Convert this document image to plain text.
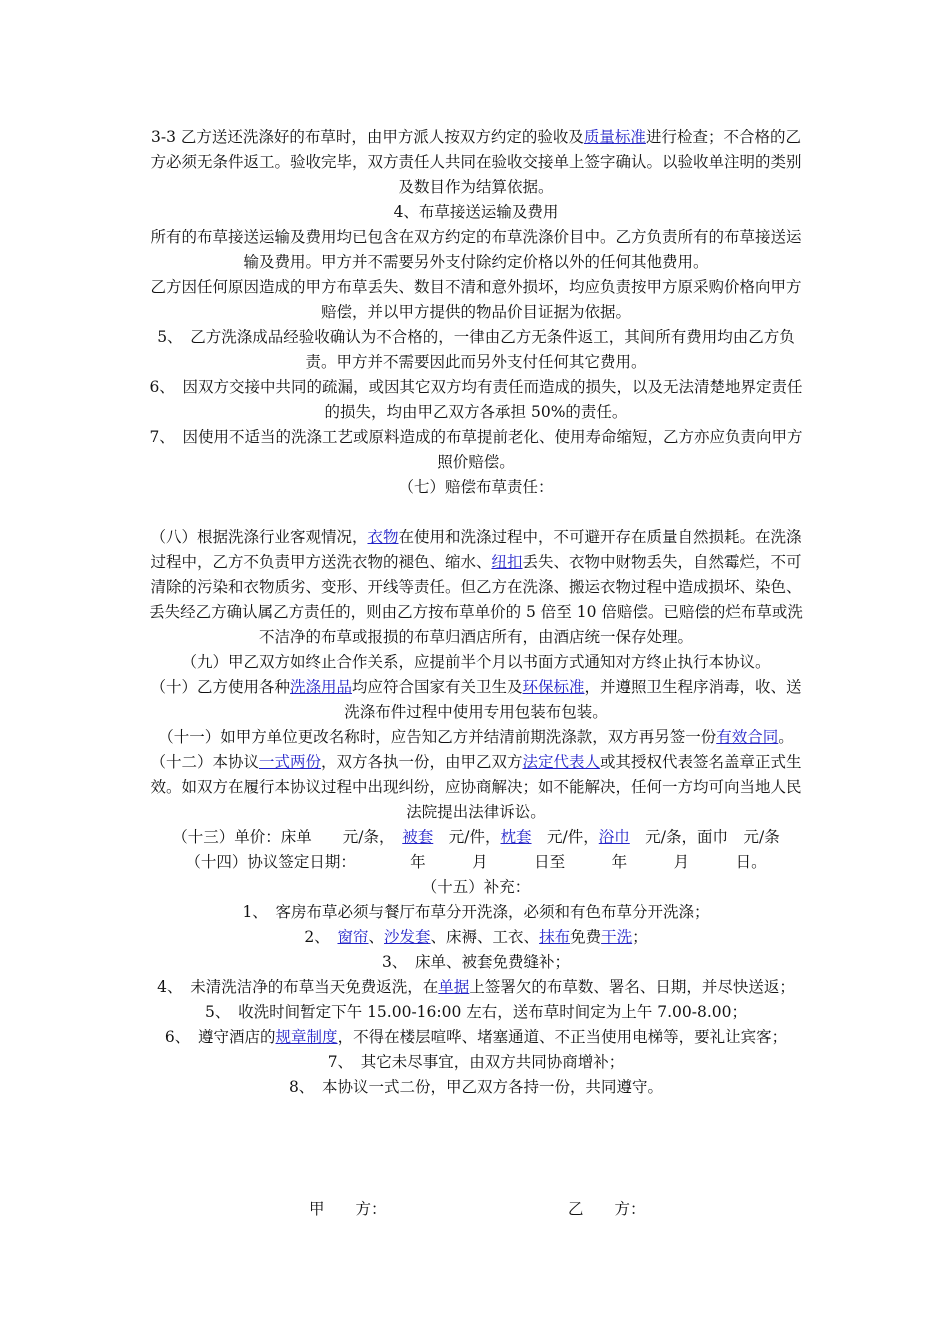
3-3 乙方送还洗涤好的布草时，由甲方派人按双方约定的验收及质量标准进行检查；不合格的乙方必须无条件返工。验收完毕，双方责任人共同在验收交接单上签字确认。以验收单注明的类别及数目作为结算依据。

4、布草接送运输及费用

所有的布草接送运输及费用均已包含在双方约定的布草洗涤价目中。乙方负责所有的布草接送运输及费用。甲方并不需要另外支付除约定价格以外的任何其他费用。

乙方因任何原因造成的甲方布草丢失、数目不清和意外损坏，均应负责按甲方原采购价格向甲方赔偿，并以甲方提供的物品价目证据为依据。

5、　乙方洗涤成品经验收确认为不合格的，一律由乙方无条件返工，其间所有费用均由乙方负责。甲方并不需要因此而另外支付任何其它费用。

6、　因双方交接中共同的疏漏，或因其它双方均有责任而造成的损失，以及无法清楚地界定责任的损失，均由甲乙双方各承担 50%的责任。

7、　因使用不适当的洗涤工艺或原料造成的布草提前老化、使用寿命缩短，乙方亦应负责向甲方照价赔偿。

（七）赔偿布草责任：

（八）根据洗涤行业客观情况，衣物在使用和洗涤过程中，不可避开存在质量自然损耗。在洗涤过程中，乙方不负责甲方送洗衣物的褪色、缩水、纽扣丢失、衣物中财物丢失，自然霉烂，不可清除的污染和衣物质劣、变形、开线等责任。但乙方在洗涤、搬运衣物过程中造成损坏、染色、丢失经乙方确认属乙方责任的，则由乙方按布草单价的 5 倍至 10 倍赔偿。已赔偿的烂布草或洗不洁净的布草或报损的布草归酒店所有，由酒店统一保存处理。

（九）甲乙双方如终止合作关系，应提前半个月以书面方式通知对方终止执行本协议。

（十）乙方使用各种洗涤用品均应符合国家有关卫生及环保标准，并遵照卫生程序消毒，收、送洗涤布件过程中使用专用包装布包装。

（十一）如甲方单位更改名称时，应告知乙方并结清前期洗涤款，双方再另签一份有效合同。

（十二）本协议一式两份，双方各执一份，由甲乙双方法定代表人或其授权代表签名盖章正式生效。如双方在履行本协议过程中出现纠纷，应协商解决；如不能解决，任何一方均可向当地人民法院提出法律诉讼。

（十三）单价：床单　　元/条，　被套　元/件，枕套　元/件，浴巾　元/条，面巾　元/条

（十四）协议签定日期：　　　　年　　　月　　　日至　　　年　　　月　　　日。

（十五）补充：

1、　客房布草必须与餐厅布草分开洗涤，必须和有色布草分开洗涤；

2、　窗帘、沙发套、床褥、工衣、抹布免费干洗；

3、　床单、被套免费缝补；

4、　未清洗洁净的布草当天免费返洗，在单据上签署欠的布草数、署名、日期，并尽快送返；

5、　收洗时间暂定下午 15.00-16:00 左右，送布草时间定为上午 7.00-8.00；

6、　遵守酒店的规章制度，不得在楼层喧哗、堵塞通道、不正当使用电梯等，要礼让宾客；

7、　其它未尽事宜，由双方共同协商增补；

8、　本协议一式二份，甲乙双方各持一份，共同遵守。

甲　　方：	乙　　方：
